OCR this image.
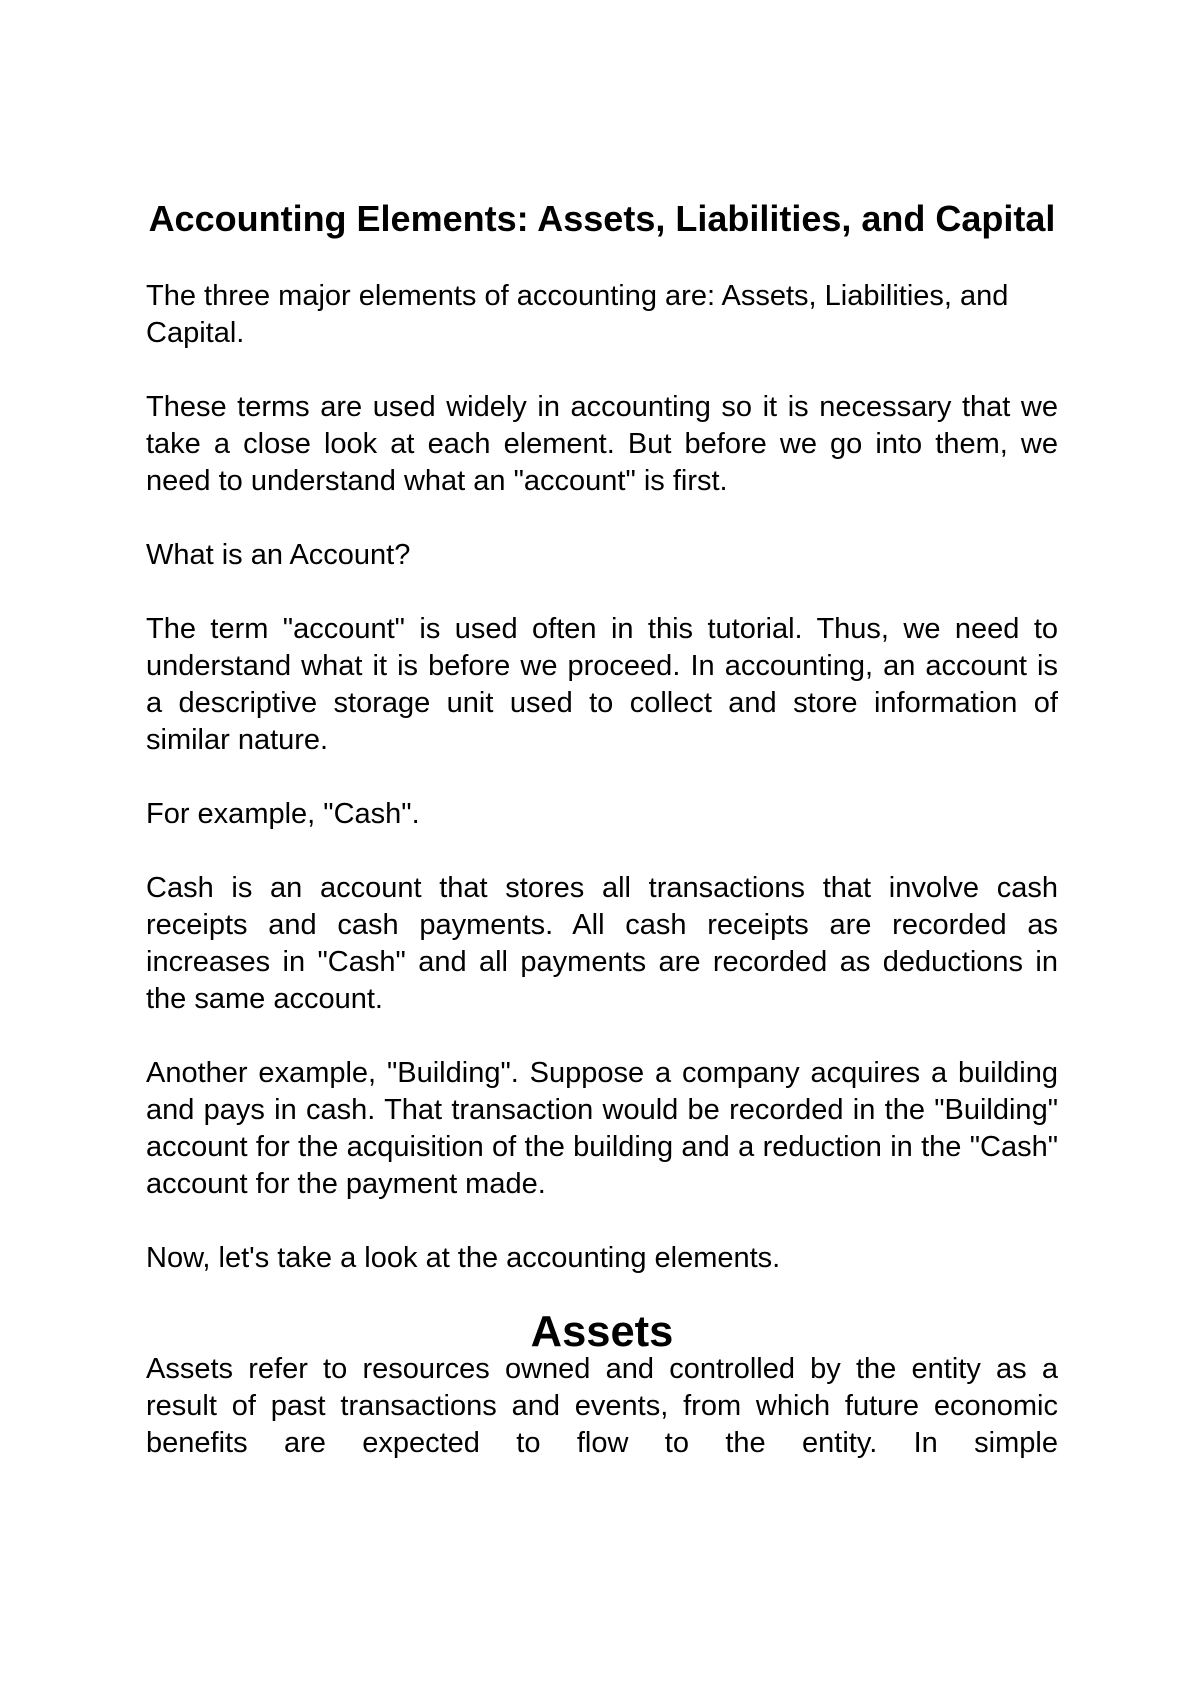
Accounting Elements: Assets, Liabilities, and Capital

The three major elements of accounting are: Assets, Liabilities, and Capital.

These terms are used widely in accounting so it is necessary that we take a close look at each element. But before we go into them, we need to understand what an "account" is first.

What is an Account?

The term "account" is used often in this tutorial. Thus, we need to understand what it is before we proceed. In accounting, an account is a descriptive storage unit used to collect and store information of similar nature.

For example, "Cash".

Cash is an account that stores all transactions that involve cash receipts and cash payments. All cash receipts are recorded as increases in "Cash" and all payments are recorded as deductions in the same account.

Another example, "Building". Suppose a company acquires a building and pays in cash. That transaction would be recorded in the "Building" account for the acquisition of the building and a reduction in the "Cash" account for the payment made.

Now, let's take a look at the accounting elements.

Assets

Assets refer to resources owned and controlled by the entity as a result of past transactions and events, from which future economic benefits are expected to flow to the entity. In simple
